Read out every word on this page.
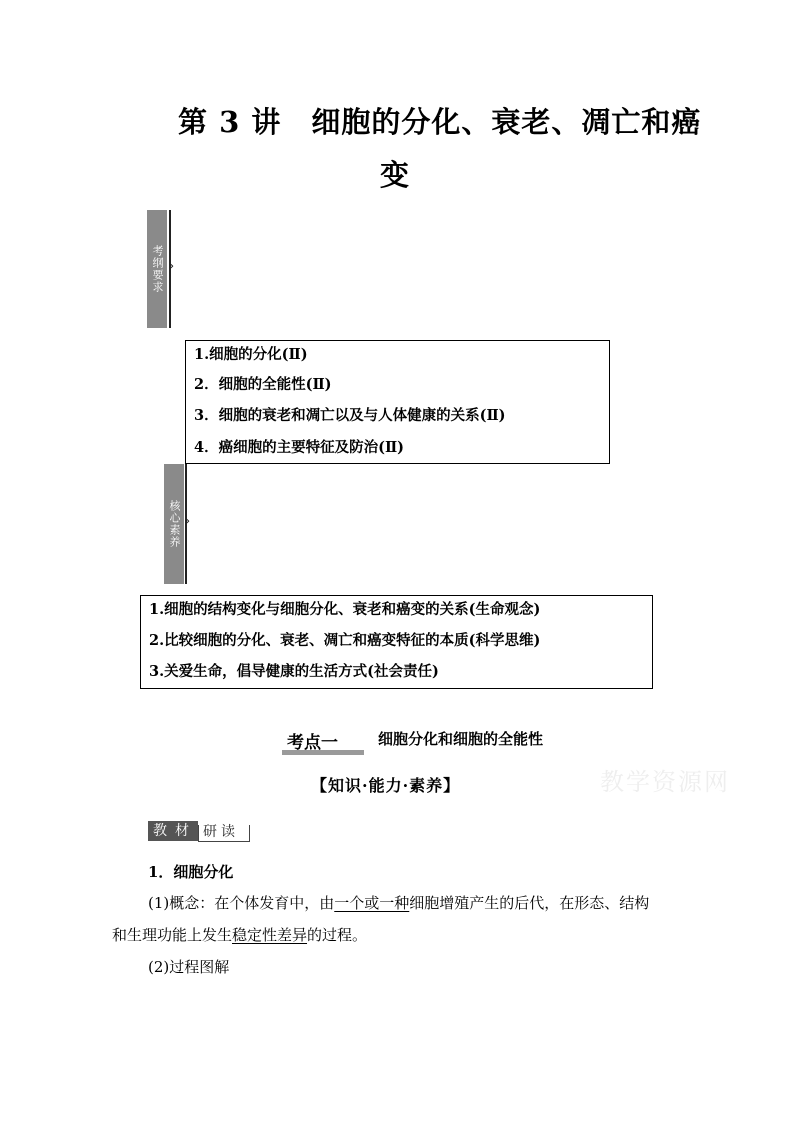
第 3 讲　细胞的分化、衰老、凋亡和癌
变
考纲要求 ›
1.细胞的分化(Ⅱ)
2．细胞的全能性(Ⅱ)
3．细胞的衰老和凋亡以及与人体健康的关系(Ⅱ)
4．癌细胞的主要特征及防治(Ⅱ)
核心素养 ›
1.细胞的结构变化与细胞分化、衰老和癌变的关系(生命观念)
2.比较细胞的分化、衰老、凋亡和癌变特征的本质(科学思维)
3.关爱生命，倡导健康的生活方式(社会责任)
考点一	细胞分化和细胞的全能性
【知识·能力·素养】	教学资源网
教材 研读
1．细胞分化
(1)概念：在个体发育中，由一个或一种细胞增殖产生的后代，在形态、结构
和生理功能上发生稳定性差异的过程。
(2)过程图解
